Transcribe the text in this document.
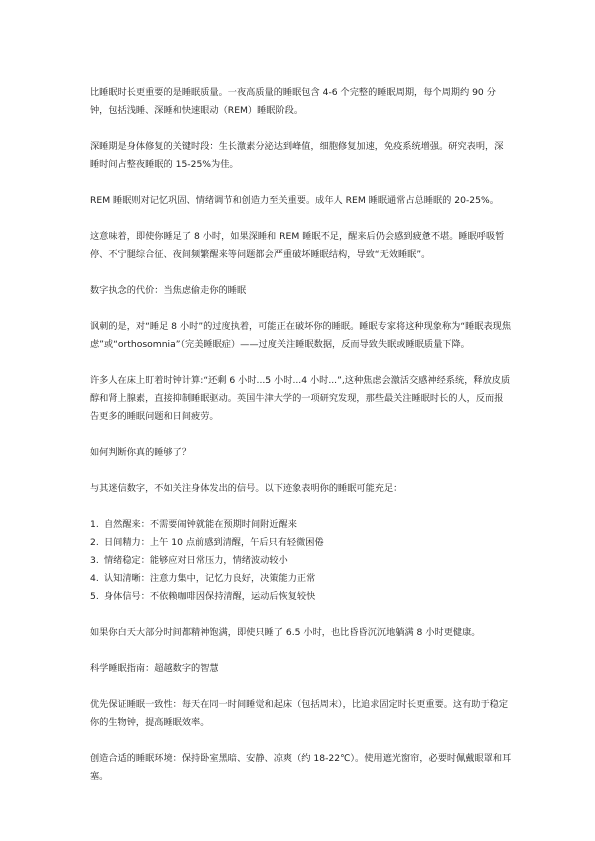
比睡眠时长更重要的是睡眠质量。一夜高质量的睡眠包含 4-6 个完整的睡眠周期，每个周期约 90 分钟，包括浅睡、深睡和快速眼动（REM）睡眠阶段。

深睡期是身体修复的关键时段：生长激素分泌达到峰值，细胞修复加速，免疫系统增强。研究表明，深睡时间占整夜睡眠的 15-25%为佳。

REM 睡眠则对记忆巩固、情绪调节和创造力至关重要。成年人 REM 睡眠通常占总睡眠的 20-25%。

这意味着，即使你睡足了 8 小时，如果深睡和 REM 睡眠不足，醒来后仍会感到疲惫不堪。睡眠呼吸暂停、不宁腿综合征、夜间频繁醒来等问题都会严重破坏睡眠结构，导致“无效睡眠”。

数字执念的代价：当焦虑偷走你的睡眠

讽刺的是，对“睡足 8 小时”的过度执着，可能正在破坏你的睡眠。睡眠专家将这种现象称为“睡眠表现焦虑”或“orthosomnia”（完美睡眠症）——过度关注睡眠数据，反而导致失眠或睡眠质量下降。

许多人在床上盯着时钟计算:“还剩 6 小时...5 小时...4 小时...”,这种焦虑会激活交感神经系统，释放皮质醇和肾上腺素，直接抑制睡眠驱动。英国牛津大学的一项研究发现，那些最关注睡眠时长的人，反而报告更多的睡眠问题和日间疲劳。

如何判断你真的睡够了？

与其迷信数字，不如关注身体发出的信号。以下迹象表明你的睡眠可能充足：

1. 自然醒来：不需要闹钟就能在预期时间附近醒来
2. 日间精力：上午 10 点前感到清醒，午后只有轻微困倦
3. 情绪稳定：能够应对日常压力，情绪波动较小
4. 认知清晰：注意力集中，记忆力良好，决策能力正常
5. 身体信号：不依赖咖啡因保持清醒，运动后恢复较快

如果你白天大部分时间都精神饱满，即使只睡了 6.5 小时，也比昏昏沉沉地躺满 8 小时更健康。

科学睡眠指南：超越数字的智慧

优先保证睡眠一致性：每天在同一时间睡觉和起床（包括周末），比追求固定时长更重要。这有助于稳定你的生物钟，提高睡眠效率。

创造合适的睡眠环境：保持卧室黑暗、安静、凉爽（约 18-22℃）。使用遮光窗帘，必要时佩戴眼罩和耳塞。
